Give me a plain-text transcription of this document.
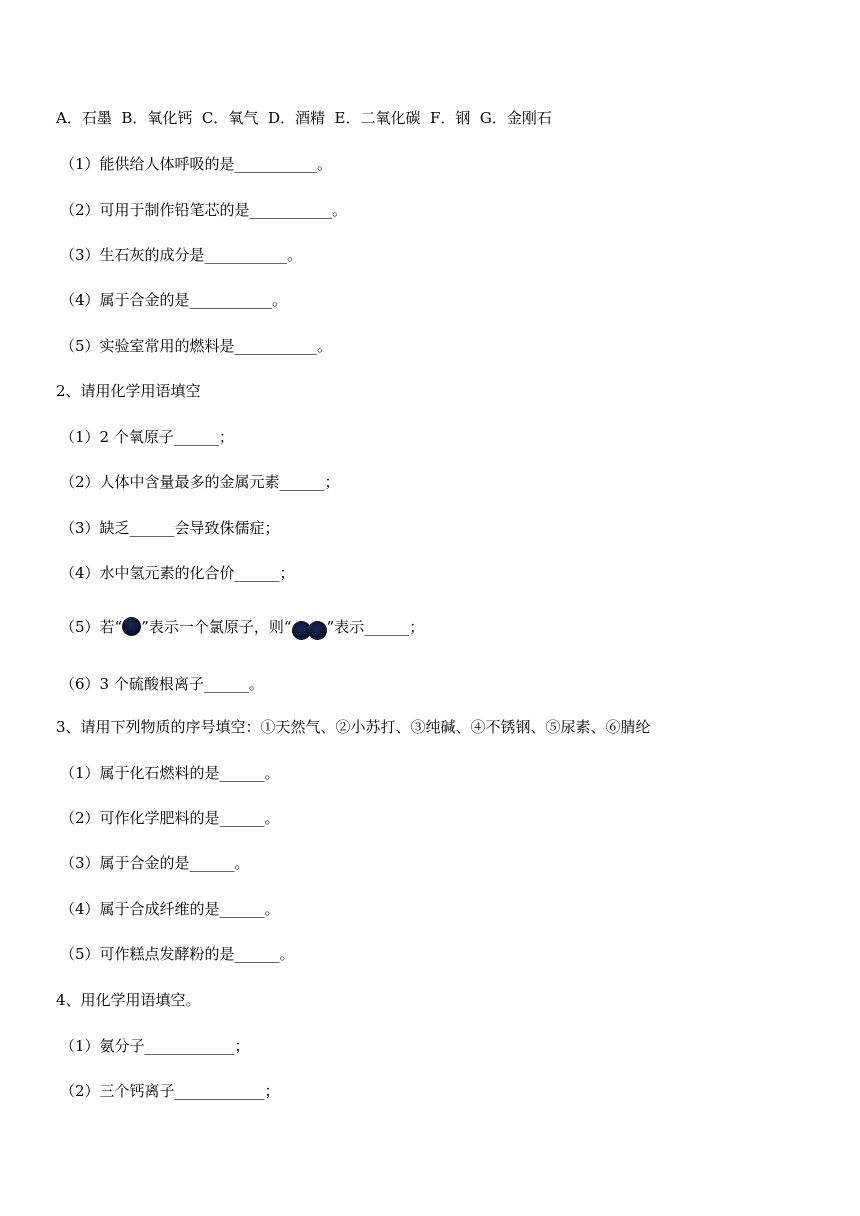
A．石墨  B．氧化钙  C．氧气  D．酒精  E．二氧化碳  F．钢  G．金刚石
（1）能供给人体呼吸的是___________。
（2）可用于制作铅笔芯的是___________。
（3）生石灰的成分是___________。
（4）属于合金的是___________。
（5）实验室常用的燃料是___________。
2、请用化学用语填空
（1）2 个氧原子______；
（2）人体中含量最多的金属元素______；
（3）缺乏______会导致侏儒症；
（4）水中氢元素的化合价______；
（5）若“ ”表示一个氯原子，则“ ”表示______；
（6）3 个硫酸根离子______。
3、请用下列物质的序号填空：①天然气、②小苏打、③纯碱、④不锈钢、⑤尿素、⑥腈纶
（1）属于化石燃料的是______。
（2）可作化学肥料的是______。
（3）属于合金的是______。
（4）属于合成纤维的是______。
（5）可作糕点发酵粉的是______。
4、用化学用语填空。
（1）氨分子____________；
（2）三个钙离子____________；
